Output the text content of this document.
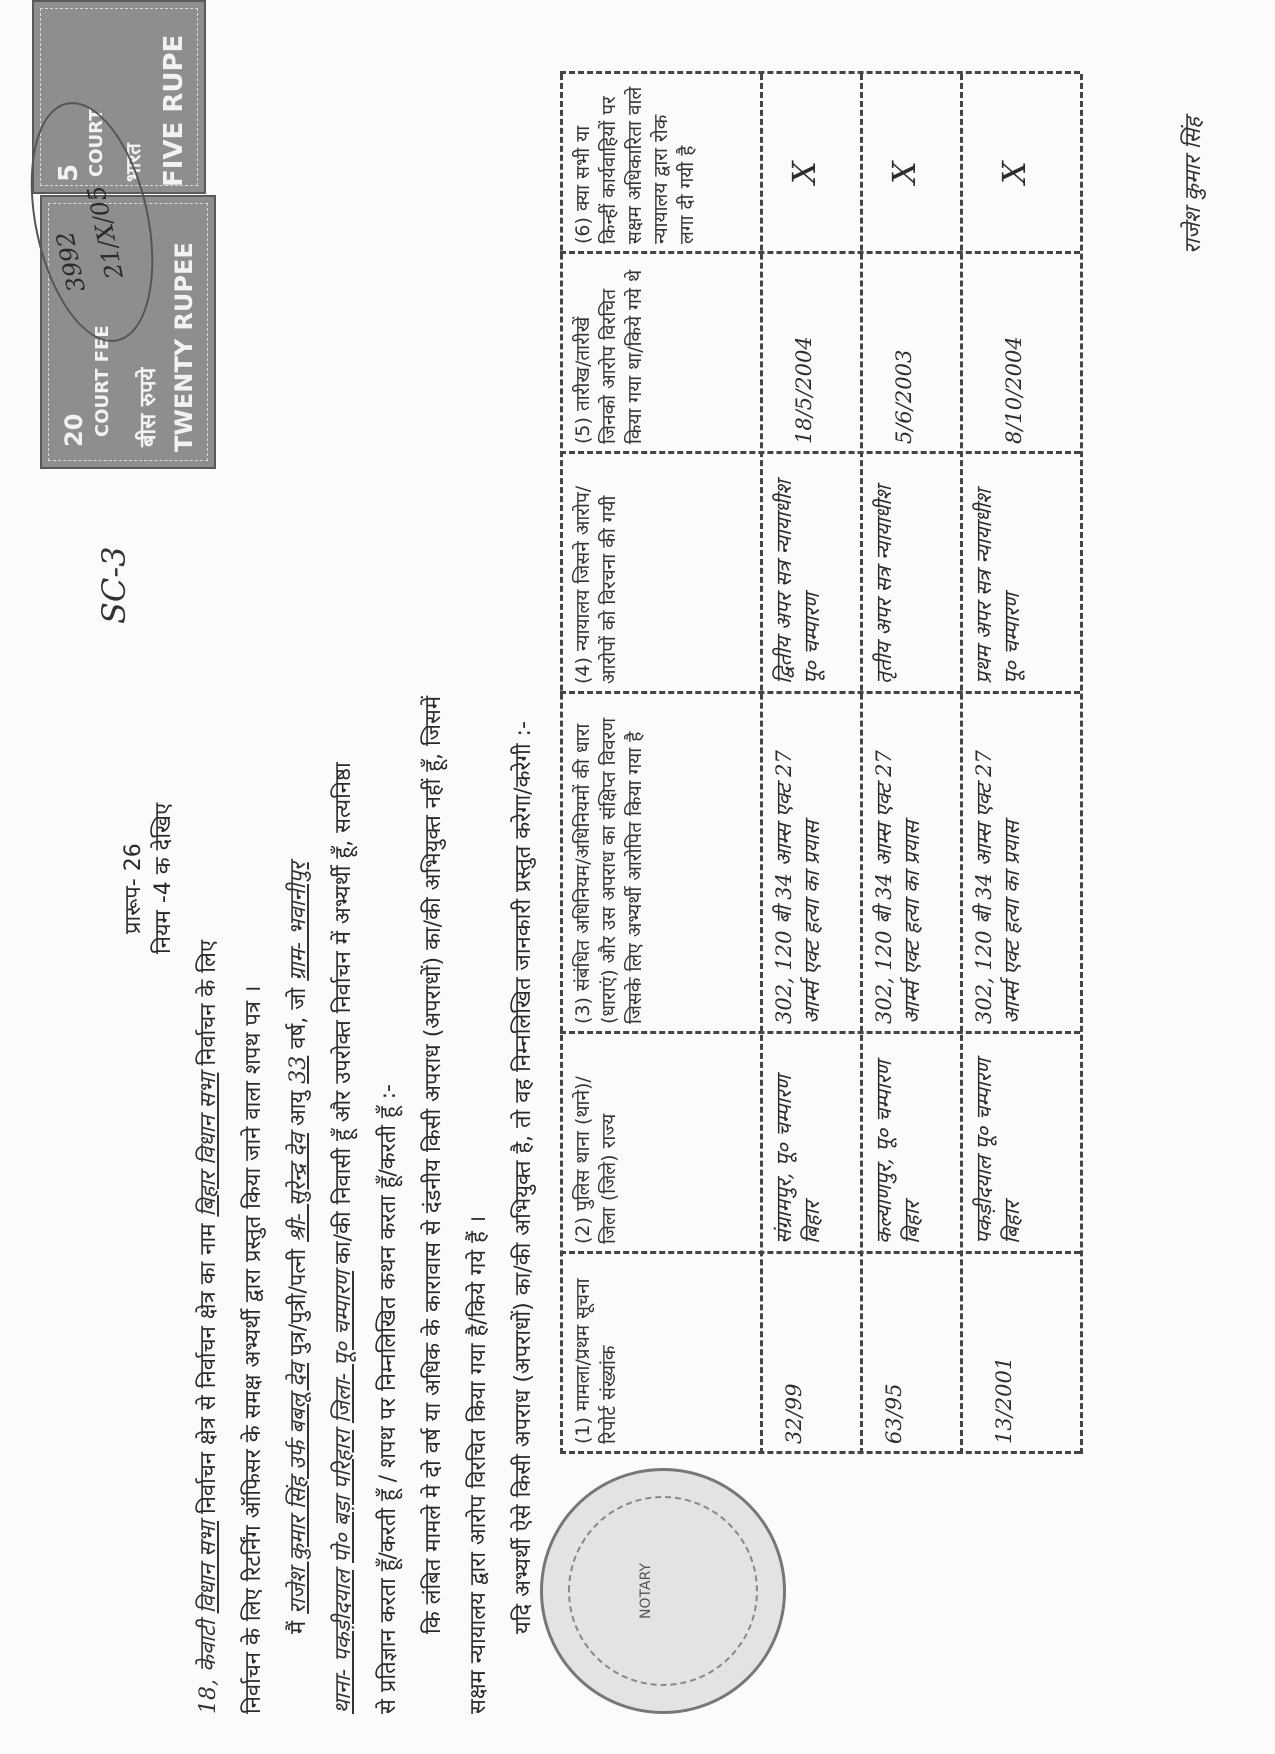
5 COURT भारत FIVE RUPE
20 COURT FEE बीस रुपये TWENTY RUPEE
3992
21/X/05
SC-3
प्रारूप- 26 नियम -4 क देखिए
18, केवाटी विधान सभा निर्वाचन क्षेत्र से निर्वाचन क्षेत्र का नाम बिहार विधान सभा निर्वाचन के लिए निर्वाचन के लिए रिटर्निंग ऑफिसर के समक्ष अभ्यर्थी द्वारा प्रस्तुत किया जाने वाला शपथ पत्र । मैं राजेश कुमार सिंह उर्फ बबलू देव पुत्र/पुत्री/पत्नी श्री- सुरेन्द्र देव आयु 33 वर्ष, जो ग्राम- भवानीपुर
थाना- पकड़ीदयाल पो० बड़ा परिहारा जिला- पू० चम्पारण का/की निवासी हूँ और उपरोक्त निर्वाचन में अभ्यर्थी हूँ, सत्यनिष्ठा
से प्रतिज्ञान करता हूँ/करती हूँ / शपथ पर निम्नलिखित कथन करता हूँ/करती हूँ :- कि लंबित मामले मे दो वर्ष या अधिक के कारावास से दंडनीय किसी अपराध (अपराधों) का/की अभियुक्त नहीं हूँ, जिसमें सक्षम न्यायालय द्वारा आरोप विरचित किया गया है/किये गये हैं । यदि अभ्यर्थी ऐसे किसी अपराध (अपराधों) का/की अभियुक्त है, तो वह निम्नलिखित जानकारी प्रस्तुत करेगा/करेगी :-	NOTARY
(1) मामला/प्रथम सूचना रिपोर्ट संख्यांक
(2) पुलिस थाना (थाने)/ जिला (जिले) राज्य
(3) संबंधित अधिनियम/अधिनियमों की धारा (धाराएं) और उस अपराध का संक्षिप्त विवरण जिसके लिए अभ्यर्थी आरोपित किया गया है
(4) न्यायालय जिसने आरोप/आरोपों को विरचना की गयी
(5) तारीख/तारीखें जिनको आरोप विरचित किया गया था/किये गये थे
(6) क्या सभी या किन्हीं कार्यवाहियों पर सक्षम अधिकारिता वाले न्यायालय द्वारा रोक लगा दी गयी है
32/99
संग्रामपुर, पू० चम्पारण बिहार
302, 120 बी 34 आम्स एक्ट 27 आर्म्स एक्ट हत्या का प्रयास
द्वितीय अपर सत्र न्यायाधीश पू० चम्पारण
18/5/2004
X
63/95
कल्याणपुर, पू० चम्पारण बिहार
302, 120 बी 34 आम्स एक्ट 27 आर्म्स एक्ट हत्या का प्रयास
तृतीय अपर सत्र न्यायाधीश
5/6/2003
X
13/2001
पकड़ीदयाल पू० चम्पारण बिहार
302, 120 बी 34 आम्स एक्ट 27 आर्म्स एक्ट हत्या का प्रयास
प्रथम अपर सत्र न्यायाधीश पू० चम्पारण
8/10/2004
X	राजेश कुमार सिंह
